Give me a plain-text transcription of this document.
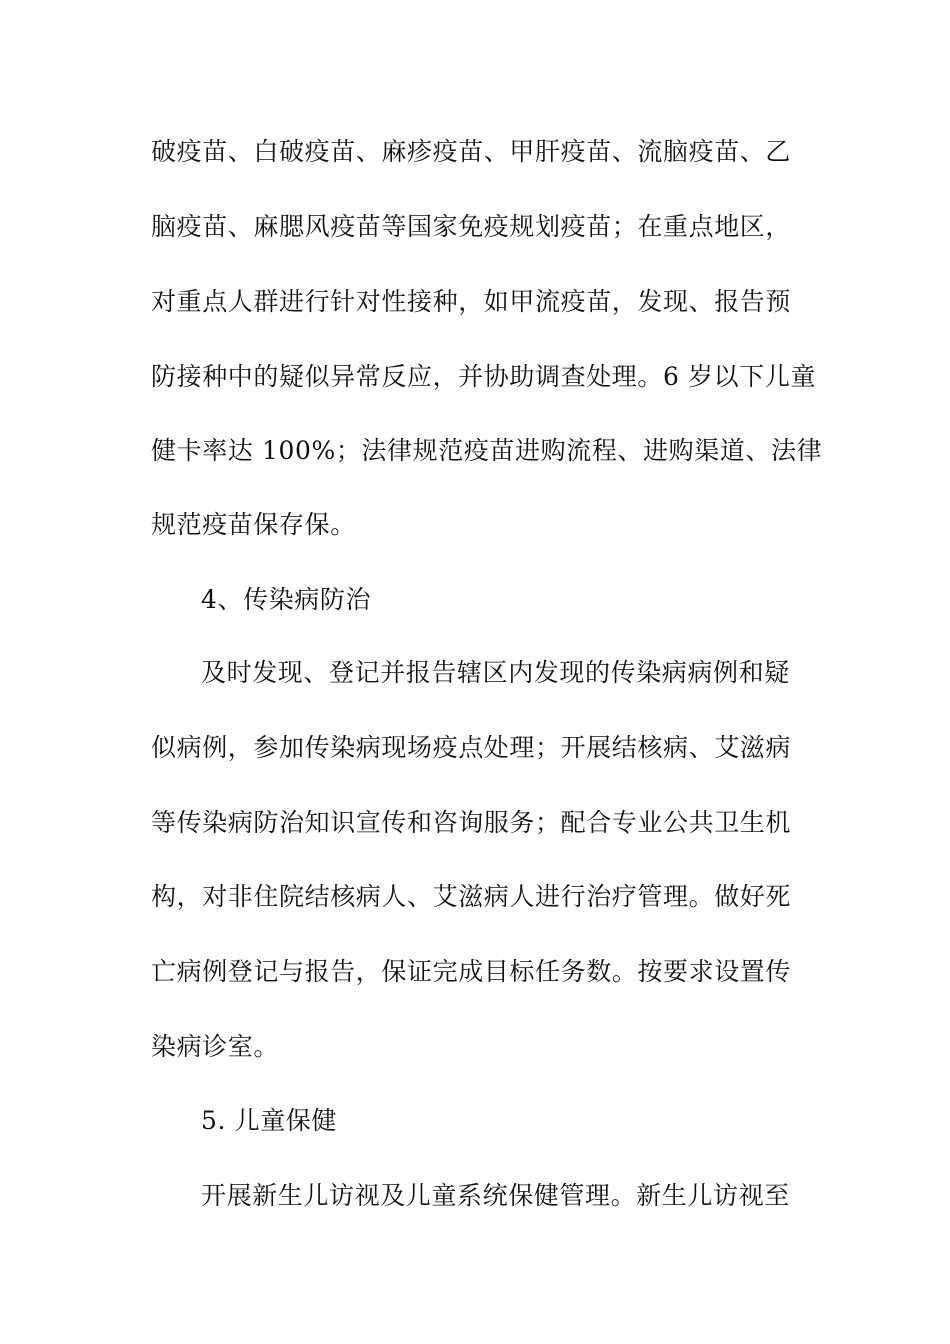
破疫苗、白破疫苗、麻疹疫苗、甲肝疫苗、流脑疫苗、乙
脑疫苗、麻腮风疫苗等国家免疫规划疫苗；在重点地区，
对重点人群进行针对性接种，如甲流疫苗，发现、报告预
防接种中的疑似异常反应，并协助调查处理。6 岁以下儿童
健卡率达 100%；法律规范疫苗进购流程、进购渠道、法律
规范疫苗保存保。
4、传染病防治
及时发现、登记并报告辖区内发现的传染病病例和疑
似病例，参加传染病现场疫点处理；开展结核病、艾滋病
等传染病防治知识宣传和咨询服务；配合专业公共卫生机
构，对非住院结核病人、艾滋病人进行治疗管理。做好死
亡病例登记与报告，保证完成目标任务数。按要求设置传
染病诊室。
5. 儿童保健
开展新生儿访视及儿童系统保健管理。新生儿访视至
